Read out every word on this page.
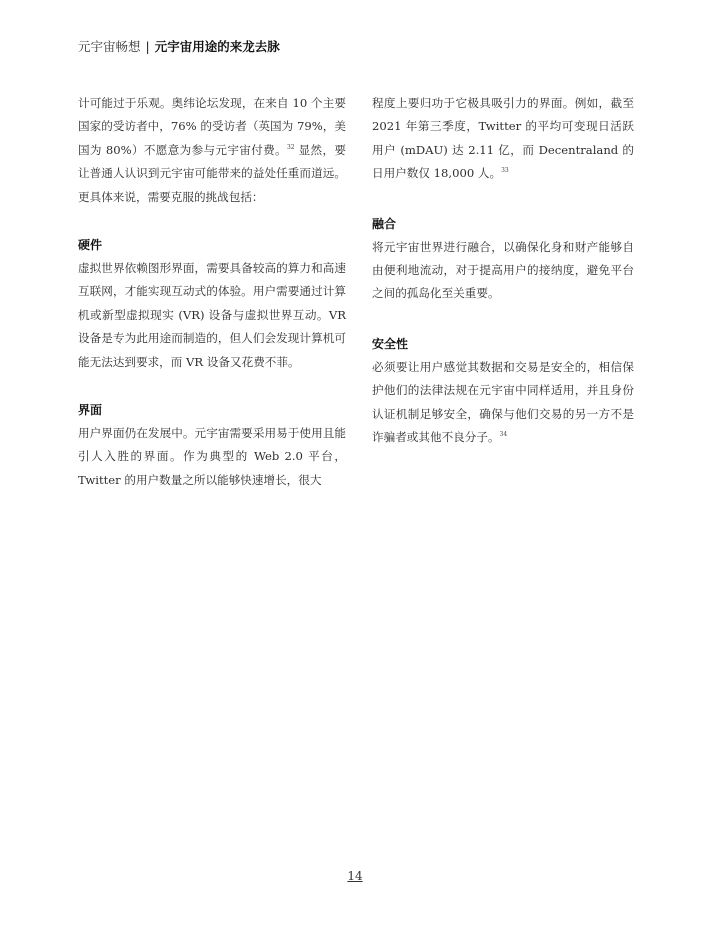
元宇宙畅想 | 元宇宙用途的来龙去脉

计可能过于乐观。奥纬论坛发现，在来自 10 个主要国家的受访者中，76% 的受访者（英国为 79%，美国为 80%）不愿意为参与元宇宙付费。$^{32}$ 显然，要让普通人认识到元宇宙可能带来的益处任重而道远。更具体来说，需要克服的挑战包括：

硬件

虚拟世界依赖图形界面，需要具备较高的算力和高速互联网，才能实现互动式的体验。用户需要通过计算机或新型虚拟现实 (VR) 设备与虚拟世界互动。VR 设备是专为此用途而制造的，但人们会发现计算机可能无法达到要求，而 VR 设备又花费不菲。

界面

用户界面仍在发展中。元宇宙需要采用易于使用且能引人入胜的界面。作为典型的 Web 2.0 平台，Twitter 的用户数量之所以能够快速增长，很大

程度上要归功于它极具吸引力的界面。例如，截至 2021 年第三季度，Twitter 的平均可变现日活跃用户 (mDAU) 达 2.11 亿，而 Decentraland 的日用户数仅 18,000 人。$^{33}$

融合

将元宇宙世界进行融合，以确保化身和财产能够自由便利地流动，对于提高用户的接纳度，避免平台之间的孤岛化至关重要。

安全性

必须要让用户感觉其数据和交易是安全的，相信保护他们的法律法规在元宇宙中同样适用，并且身份认证机制足够安全，确保与他们交易的另一方不是诈骗者或其他不良分子。$^{34}$

14
